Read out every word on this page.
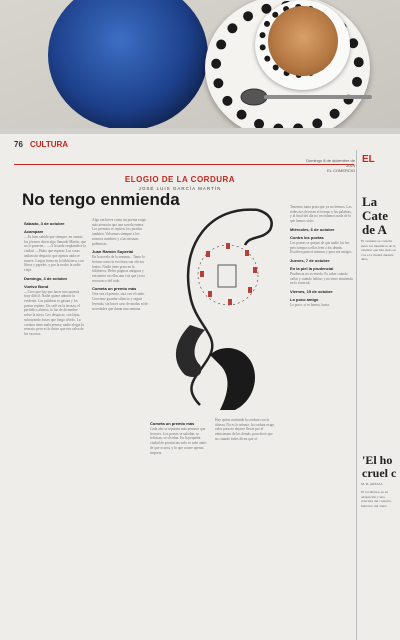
76 CULTURA
Domingo 8 de diciembre de 2024
EL COMERCIO
ELOGIO DE LA CORDURA
JOSÉ LUIS GARCÍA MARTÍN
No tengo enmienda
Sábado, 3 de octubre
Acampare
—Es bien sabido que siempre, en cuanto los jóvenes dicen algo llamado Martín, que no lo parecen... —A la tarde resplandece la ciudad. —Hubo que esperar. Las cosas andan tan despacio que apenas nada se mueve. Largas horas en la biblioteca, con libros y papeles, y por la noche la radio vieja.
Domingo, 4 de octubre
Vuelvo Bond
—Creo que hay que hacer una apuesta muy difícil. Nadie quiere admitir lo evidente. Las palabras se gastan y los poetas repiten. Un café en la terraza, el periódico abierto, la luz de diciembre sobre la mesa. Leo despacio, con lápiz, subrayando frases que luego olvido. La cordura tiene mala prensa; nadie elogia lo sensato, pero es lo único que nos salva de los excesos.
Algo tan breve como un poema exige más atención que una novela entera. Los premios se repiten, los jurados también. Volvemos siempre a los mismos nombres y a las mismas polémicas.
Juan Ramón Supertal
En la novela de la semana... Tanto la lectura como la escritura son oficios lentos. Nadie tiene prisa en la biblioteca. Releo páginas antiguas y encuentro en ellas una voz que ya no reconozco del todo.
Cometa un premio más
Otra vez el premio, otra vez el ruido. Conviene guardar silencio y seguir leyendo, sin hacer caso de modas ni de novedades que duran una semana.
Cometa un premio más
Cada año se reparten más premios que lectores. Los poetas se saludan, se felicitan, se olvidan. En la pequeña ciudad de provincias todo se sabe antes de que ocurra, y lo que ocurre apenas importa.
Hay quien confunde la cordura con la tibieza. No es lo mismo: la cordura exige valor para no dejarse llevar por el entusiasmo de los demás, para decir que no cuando todos dicen que sí.
Tenemos tanta prisa que ya no leemos. Las redes nos devoran el tiempo y las palabras, y al final del día no recordamos nada de lo que hemos visto.
Miércoles, 6 de octubre
Contra los poetas
Los poetas se quejan de que nadie los lee, pero tampoco ellos leen a los demás. Escriben para sí mismos y para sus amigos.
Jueves, 7 de octubre
En la piel la prudencial
Prudencia no es miedo. Es saber cuándo callar y cuándo hablar, y no tener enmienda en lo esencial.
Viernes, 15 de octubre
Lo poco amigo
Lo poco, si es bueno, basta.
EL
La Cate de A
El cantante se contaba entre los miembros de la catedral que han dado su voz a la ciudad durante años.
'El ho cruel c
M. IL ARTALL
El Jovellanos en su adaptación y una relectura del contexto histórico del autor.
